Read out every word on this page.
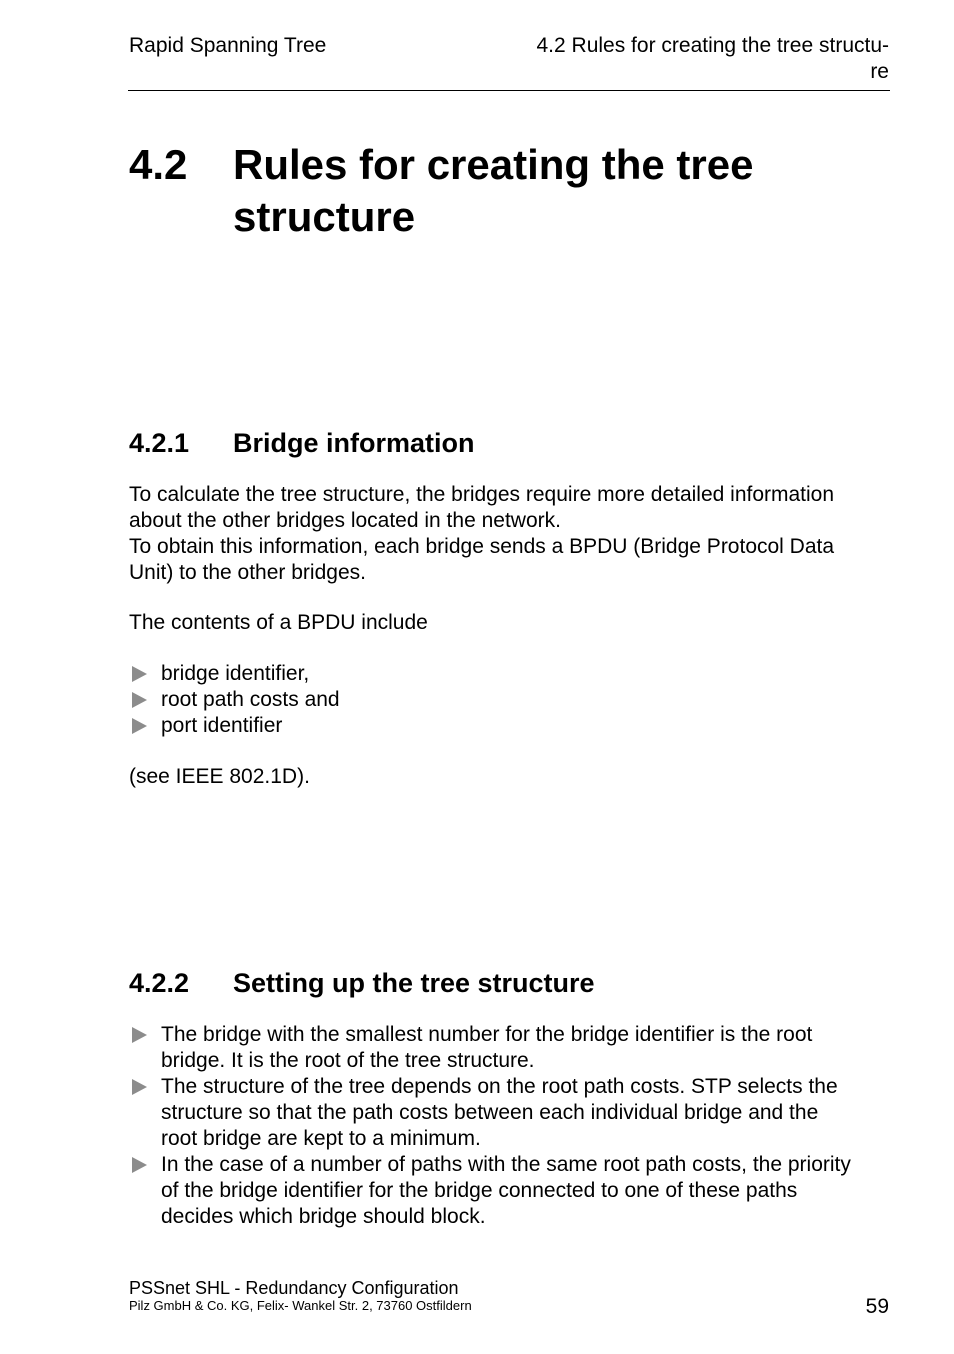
Rapid Spanning Tree	4.2 Rules for creating the tree structu-
re
4.2 Rules for creating the tree
structure
4.2.1 Bridge information
To calculate the tree structure, the bridges require more detailed information
about the other bridges located in the network.
To obtain this information, each bridge sends a BPDU (Bridge Protocol Data
Unit) to the other bridges.
The contents of a BPDU include
bridge identifier,
root path costs and
port identifier
(see IEEE 802.1D).
4.2.2 Setting up the tree structure
The bridge with the smallest number for the bridge identifier is the root
bridge. It is the root of the tree structure.
The structure of the tree depends on the root path costs. STP selects the
structure so that the path costs between each individual bridge and the
root bridge are kept to a minimum.
In the case of a number of paths with the same root path costs, the priority
of the bridge identifier for the bridge connected to one of these paths
decides which bridge should block.
PSSnet SHL - Redundancy Configuration
Pilz GmbH & Co. KG, Felix- Wankel Str. 2, 73760 Ostfildern	59
